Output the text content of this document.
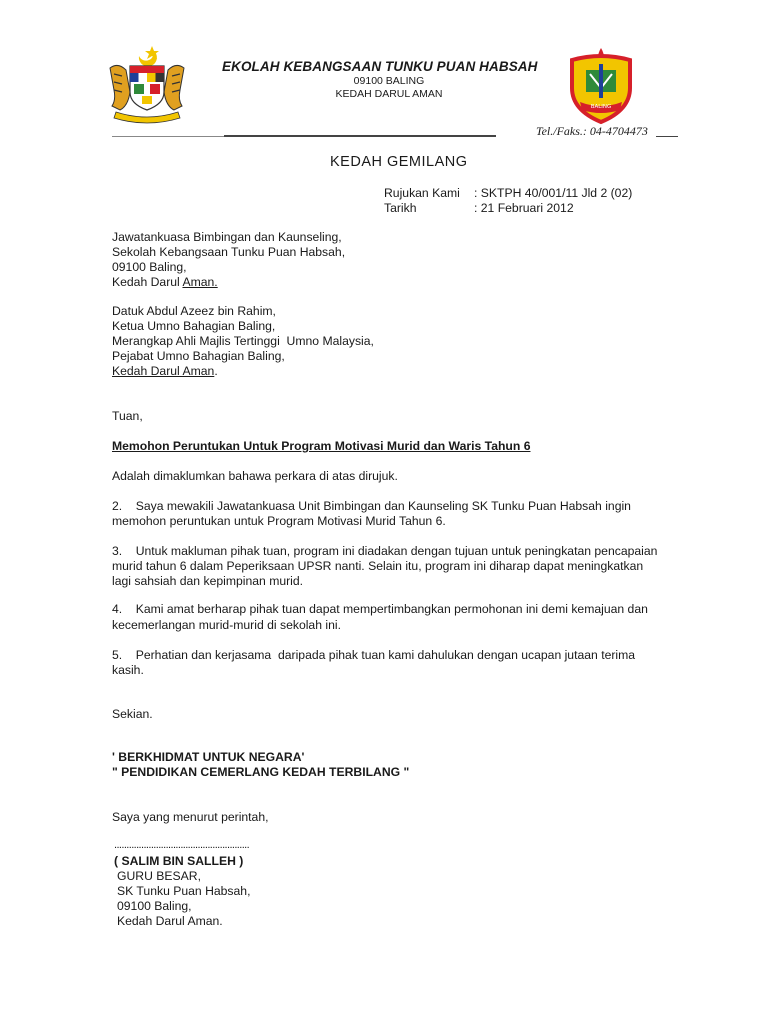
EKOLAH KEBANGSAAN TUNKU PUAN HABSAH
09100 BALING
KEDAH DARUL AMAN
BALING
Tel./Faks.: 04-4704473
KEDAH GEMILANG
Rujukan Kami : SKTPH 40/001/11 Jld 2 (02)
Tarikh	: 21 Februari 2012
Jawatankuasa Bimbingan dan Kaunseling,
Sekolah Kebangsaan Tunku Puan Habsah,
09100 Baling,
Kedah Darul Aman.
Datuk Abdul Azeez bin Rahim,
Ketua Umno Bahagian Baling,
Merangkap Ahli Majlis Tertinggi  Umno Malaysia,
Pejabat Umno Bahagian Baling,
Kedah Darul Aman.
Tuan,
Memohon Peruntukan Untuk Program Motivasi Murid dan Waris Tahun 6
Adalah dimaklumkan bahawa perkara di atas dirujuk.
2.    Saya mewakili Jawatankuasa Unit Bimbingan dan Kaunseling SK Tunku Puan Habsah ingin
memohon peruntukan untuk Program Motivasi Murid Tahun 6.
3.    Untuk makluman pihak tuan, program ini diadakan dengan tujuan untuk peningkatan pencapaian
murid tahun 6 dalam Peperiksaan UPSR nanti. Selain itu, program ini diharap dapat meningkatkan
lagi sahsiah dan kepimpinan murid.
4.    Kami amat berharap pihak tuan dapat mempertimbangkan permohonan ini demi kemajuan dan
kecemerlangan murid-murid di sekolah ini.
5.    Perhatian dan kerjasama  daripada pihak tuan kami dahulukan dengan ucapan jutaan terima
kasih.
Sekian.
' BERKHIDMAT UNTUK NEGARA'
" PENDIDIKAN CEMERLANG KEDAH TERBILANG "
Saya yang menurut perintah,
.......................................................
( SALIM BIN SALLEH )
GURU BESAR,
SK Tunku Puan Habsah,
09100 Baling,
Kedah Darul Aman.
